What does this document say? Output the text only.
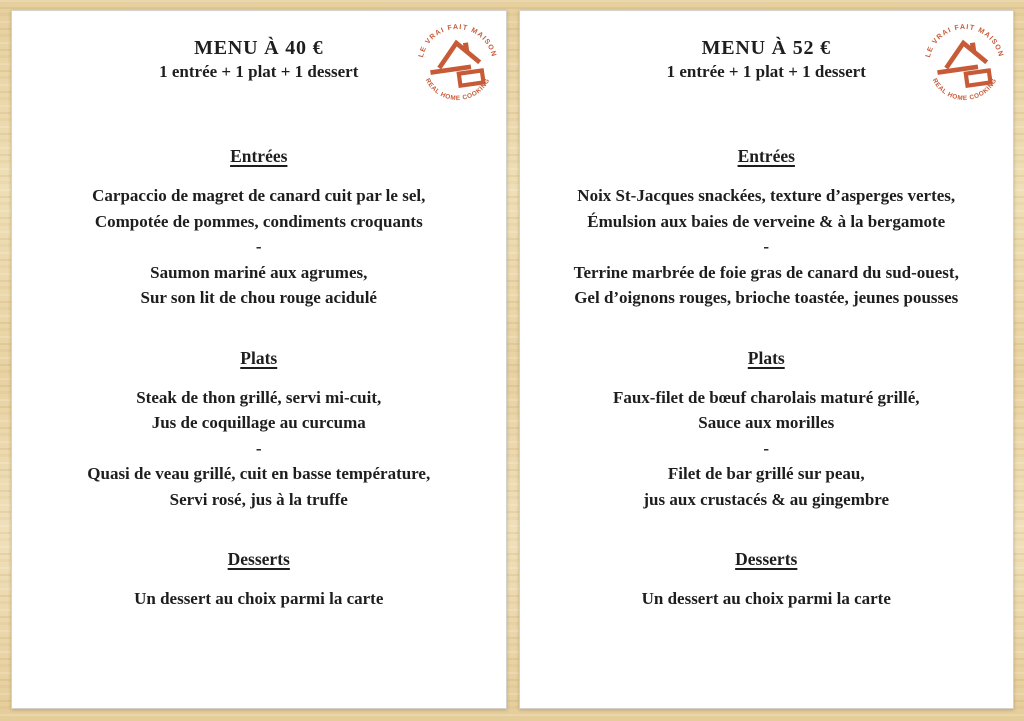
MENU À 40 €
1 entrée + 1 plat + 1 dessert
LE VRAI FAIT MAISON
REAL HOME COOKING
Entrées
Carpaccio de magret de canard cuit par le sel,
Compotée de pommes, condiments croquants
-
Saumon mariné aux agrumes,
Sur son lit de chou rouge acidulé
Plats
Steak de thon grillé, servi mi-cuit,
Jus de coquillage au curcuma
-
Quasi de veau grillé, cuit en basse température,
Servi rosé, jus à la truffe
Desserts
Un dessert au choix parmi la carte
MENU À 52 €
1 entrée + 1 plat + 1 dessert
LE VRAI FAIT MAISON
REAL HOME COOKING
Entrées
Noix St-Jacques snackées, texture d’asperges vertes,
Émulsion aux baies de verveine & à la bergamote
-
Terrine marbrée de foie gras de canard du sud-ouest,
Gel d’oignons rouges, brioche toastée, jeunes pousses
Plats
Faux-filet de bœuf charolais maturé grillé,
Sauce aux morilles
-
Filet de bar grillé sur peau,
jus aux crustacés & au gingembre
Desserts
Un dessert au choix parmi la carte
